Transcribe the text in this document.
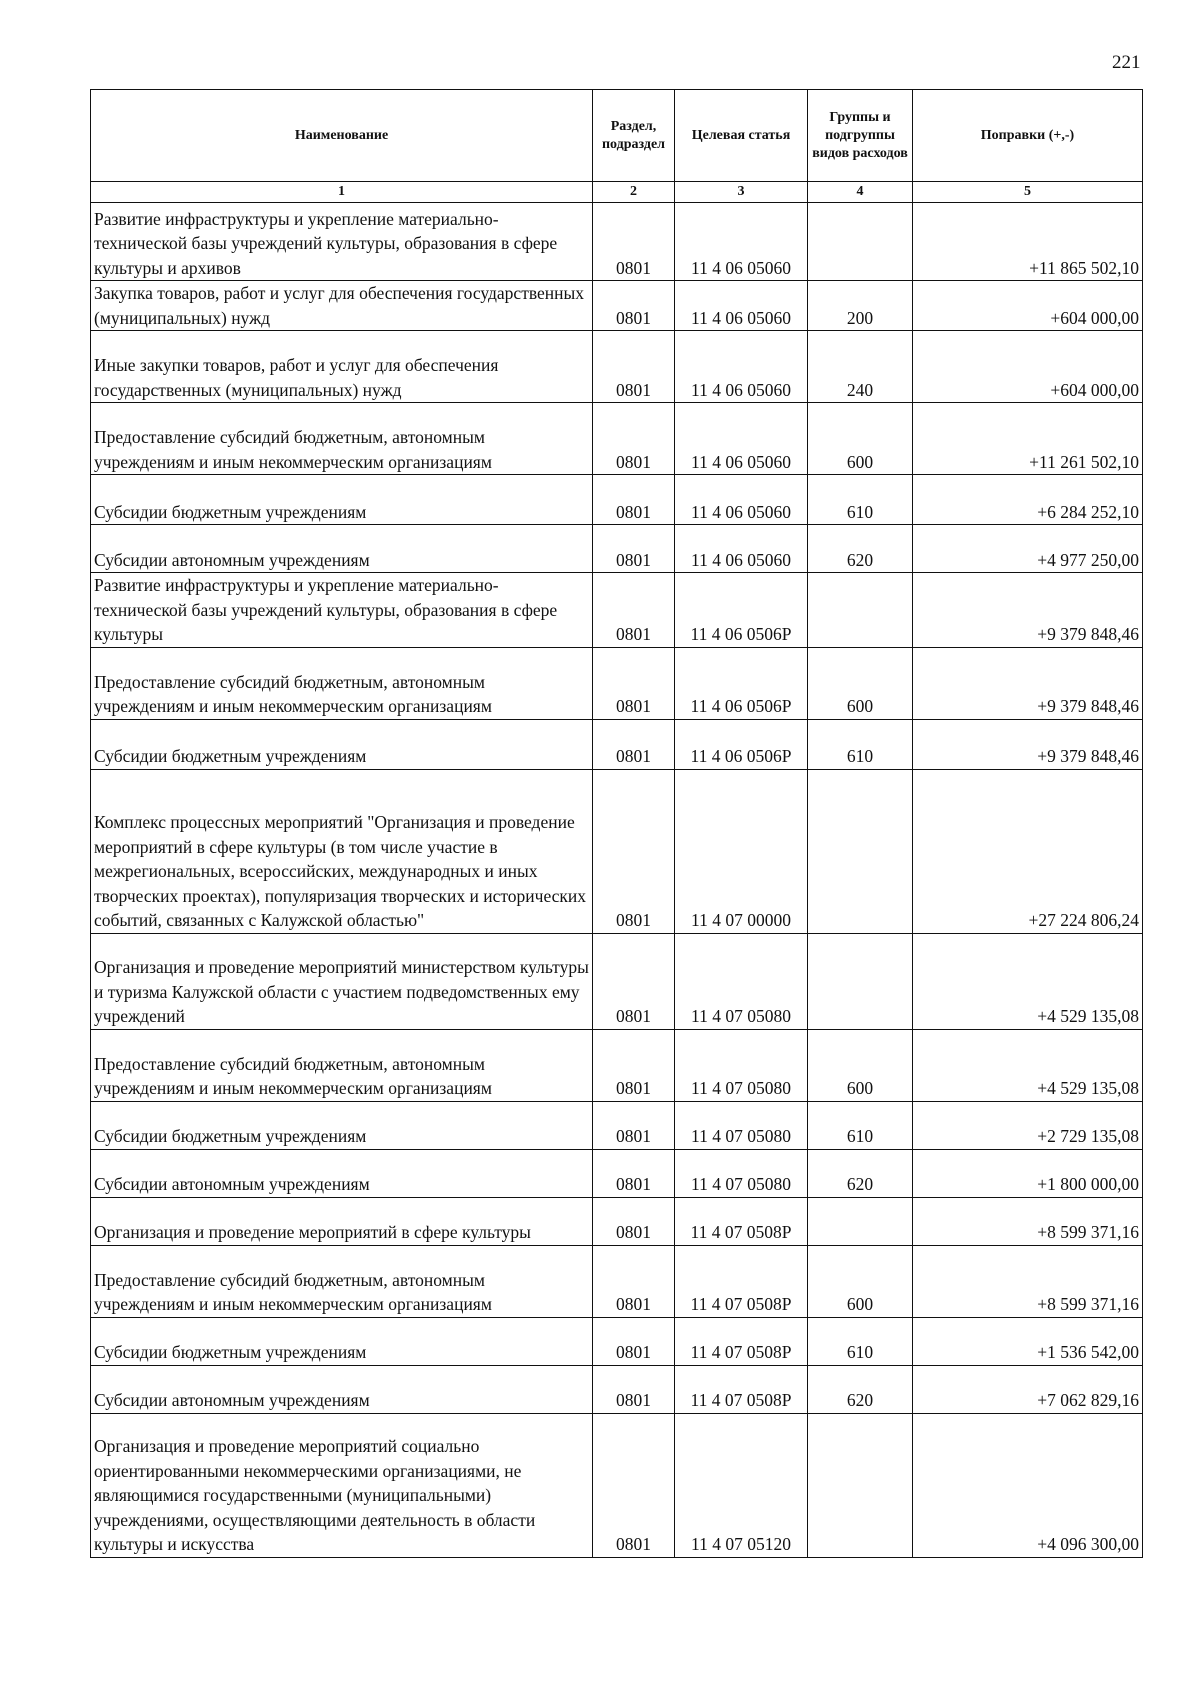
221
Наименование	Раздел, подраздел	Целевая статья	Группы и подгруппы видов расходов	Поправки (+,-)
1	2	3	4	5
Развитие инфраструктуры и укрепление материально-технической базы учреждений культуры, образования в сфере культуры и архивов	0801	11 4 06 05060		+11 865 502,10
Закупка товаров, работ и услуг для обеспечения государственных (муниципальных) нужд	0801	11 4 06 05060	200	+604 000,00
Иные закупки товаров, работ и услуг для обеспечения государственных (муниципальных) нужд	0801	11 4 06 05060	240	+604 000,00
Предоставление субсидий бюджетным, автономным учреждениям и иным некоммерческим организациям	0801	11 4 06 05060	600	+11 261 502,10
Субсидии бюджетным учреждениям	0801	11 4 06 05060	610	+6 284 252,10
Субсидии автономным учреждениям	0801	11 4 06 05060	620	+4 977 250,00
Развитие инфраструктуры и укрепление материально-технической базы учреждений культуры, образования в сфере культуры	0801	11 4 06 0506Р		+9 379 848,46
Предоставление субсидий бюджетным, автономным учреждениям и иным некоммерческим организациям	0801	11 4 06 0506Р	600	+9 379 848,46
Субсидии бюджетным учреждениям	0801	11 4 06 0506Р	610	+9 379 848,46
Комплекс процессных мероприятий "Организация и проведение мероприятий в сфере культуры (в том числе участие в межрегиональных, всероссийских, международных и иных творческих проектах), популяризация творческих и исторических событий, связанных с Калужской областью"	0801	11 4 07 00000		+27 224 806,24
Организация и проведение мероприятий министерством культуры и туризма Калужской области с участием подведомственных ему учреждений	0801	11 4 07 05080		+4 529 135,08
Предоставление субсидий бюджетным, автономным учреждениям и иным некоммерческим организациям	0801	11 4 07 05080	600	+4 529 135,08
Субсидии бюджетным учреждениям	0801	11 4 07 05080	610	+2 729 135,08
Субсидии автономным учреждениям	0801	11 4 07 05080	620	+1 800 000,00
Организация и проведение мероприятий в сфере культуры	0801	11 4 07 0508Р		+8 599 371,16
Предоставление субсидий бюджетным, автономным учреждениям и иным некоммерческим организациям	0801	11 4 07 0508Р	600	+8 599 371,16
Субсидии бюджетным учреждениям	0801	11 4 07 0508Р	610	+1 536 542,00
Субсидии автономным учреждениям	0801	11 4 07 0508Р	620	+7 062 829,16
Организация и проведение мероприятий социально ориентированными некоммерческими организациями, не являющимися государственными (муниципальными) учреждениями, осуществляющими деятельность в области культуры и искусства	0801	11 4 07 05120		+4 096 300,00
